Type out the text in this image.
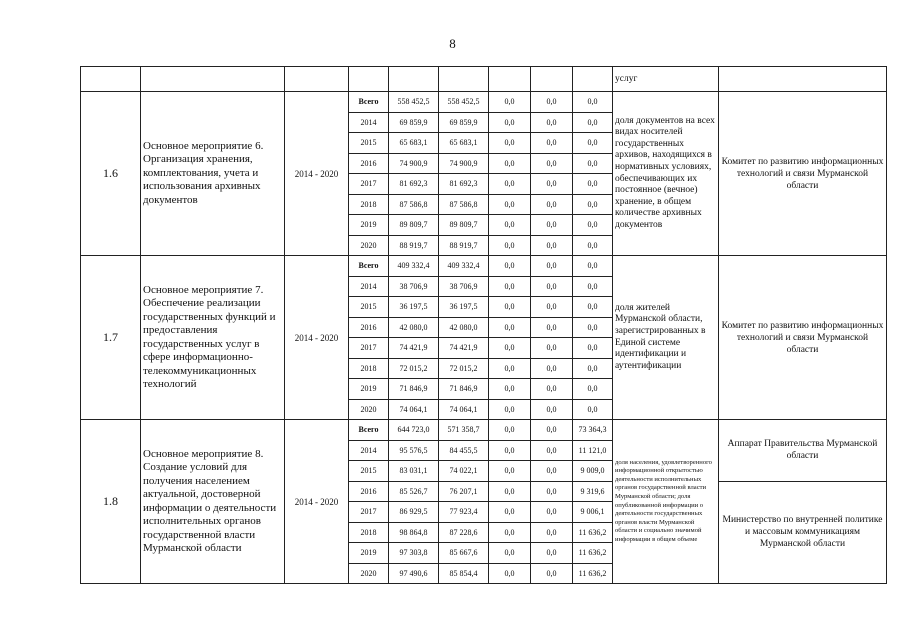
8
									услуг	
1.6	Основное мероприятие 6. Организация хранения, комплектования, учета и использования архивных документов	2014 - 2020	Всего	558 452,5	558 452,5	0,0	0,0	0,0	доля документов на всех видах носителей государственных архивов, находящихся в нормативных условиях, обеспечивающих их постоянное (вечное) хранение, в общем количестве архивных документов	Комитет по развитию информационных технологий и связи Мурманской области
			2014	69 859,9	69 859,9	0,0	0,0	0,0		
			2015	65 683,1	65 683,1	0,0	0,0	0,0		
			2016	74 900,9	74 900,9	0,0	0,0	0,0		
			2017	81 692,3	81 692,3	0,0	0,0	0,0		
			2018	87 586,8	87 586,8	0,0	0,0	0,0		
			2019	89 809,7	89 809,7	0,0	0,0	0,0		
			2020	88 919,7	88 919,7	0,0	0,0	0,0		
1.7	Основное мероприятие 7. Обеспечение реализации государственных функций и предоставления государственных услуг в сфере информационно-телекоммуникационных технологий	2014 - 2020	Всего	409 332,4	409 332,4	0,0	0,0	0,0	доля жителей Мурманской области, зарегистрированных в Единой системе идентификации и аутентификации	Комитет по развитию информационных технологий и связи Мурманской области
			2014	38 706,9	38 706,9	0,0	0,0	0,0		
			2015	36 197,5	36 197,5	0,0	0,0	0,0		
			2016	42 080,0	42 080,0	0,0	0,0	0,0		
			2017	74 421,9	74 421,9	0,0	0,0	0,0		
			2018	72 015,2	72 015,2	0,0	0,0	0,0		
			2019	71 846,9	71 846,9	0,0	0,0	0,0		
			2020	74 064,1	74 064,1	0,0	0,0	0,0		
1.8	Основное мероприятие 8. Создание условий для получения населением актуальной, достоверной информации о деятельности исполнительных органов государственной власти Мурманской области	2014 - 2020	Всего	644 723,0	571 358,7	0,0	0,0	73 364,3	доля населения, удовлетворенного информационной открытостью деятельности исполнительных органов государственной власти Мурманской области; доля опубликованной информации о деятельности государственных органов власти Мурманской области и социально значимой информации в общем объеме	Аппарат Правительства Мурманской области
			2014	95 576,5	84 455,5	0,0	0,0	11 121,0		
			2015	83 031,1	74 022,1	0,0	0,0	9 009,0		
			2016	85 526,7	76 207,1	0,0	0,0	9 319,6		Министерство по внутренней политике и массовым коммуникациям Мурманской области
			2017	86 929,5	77 923,4	0,0	0,0	9 006,1		
			2018	98 864,8	87 228,6	0,0	0,0	11 636,2		
			2019	97 303,8	85 667,6	0,0	0,0	11 636,2		
			2020	97 490,6	85 854,4	0,0	0,0	11 636,2		
